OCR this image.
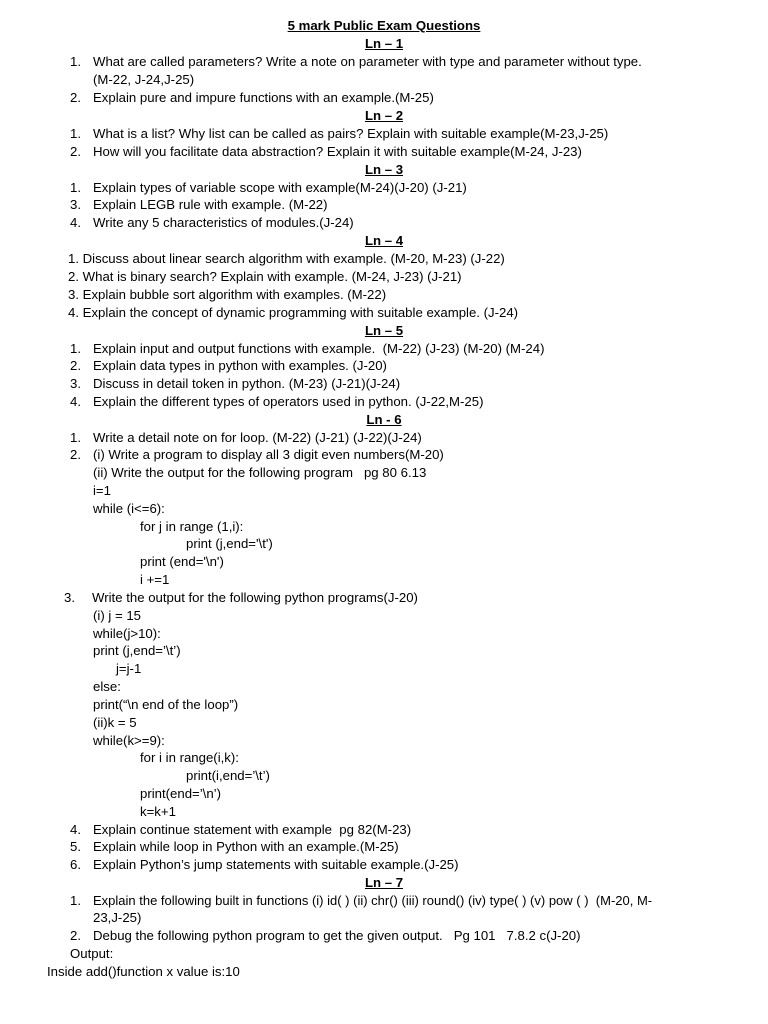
5 mark Public Exam Questions
Ln – 1
1. What are called parameters? Write a note on parameter with type and parameter without type.
(M-22, J-24,J-25)
2. Explain pure and impure functions with an example.(M-25)
Ln – 2
1. What is a list? Why list can be called as pairs? Explain with suitable example(M-23,J-25)
2. How will you facilitate data abstraction? Explain it with suitable example(M-24, J-23)
Ln – 3
1. Explain types of variable scope with example(M-24)(J-20) (J-21)
3. Explain LEGB rule with example. (M-22)
4. Write any 5 characteristics of modules.(J-24)
Ln – 4
1. Discuss about linear search algorithm with example. (M-20, M-23) (J-22)
2. What is binary search? Explain with example. (M-24, J-23) (J-21)
3. Explain bubble sort algorithm with examples. (M-22)
4. Explain the concept of dynamic programming with suitable example. (J-24)
Ln – 5
1. Explain input and output functions with example.  (M-22) (J-23) (M-20) (M-24)
2. Explain data types in python with examples. (J-20)
3. Discuss in detail token in python. (M-23) (J-21)(J-24)
4. Explain the different types of operators used in python. (J-22,M-25)
Ln - 6
1. Write a detail note on for loop. (M-22) (J-21) (J-22)(J-24)
2. (i) Write a program to display all 3 digit even numbers(M-20)
(ii) Write the output for the following program   pg 80 6.13
i=1
while (i<=6):
for j in range (1,i):
print (j,end='\t')
print (end='\n')
i +=1
3. Write the output for the following python programs(J-20)
(i) j = 15
while(j>10):
print (j,end=’\t’)
j=j-1
else:
print(“\n end of the loop”)
(ii)k = 5
while(k>=9):
for i in range(i,k):
print(i,end=’\t’)
print(end=’\n’)
k=k+1
4. Explain continue statement with example  pg 82(M-23)
5. Explain while loop in Python with an example.(M-25)
6. Explain Python’s jump statements with suitable example.(J-25)
Ln – 7
1. Explain the following built in functions (i) id( ) (ii) chr() (iii) round() (iv) type( ) (v) pow ( )  (M-20, M-
23,J-25)
2. Debug the following python program to get the given output.   Pg 101   7.8.2 c(J-20)
Output:
Inside add()function x value is:10
